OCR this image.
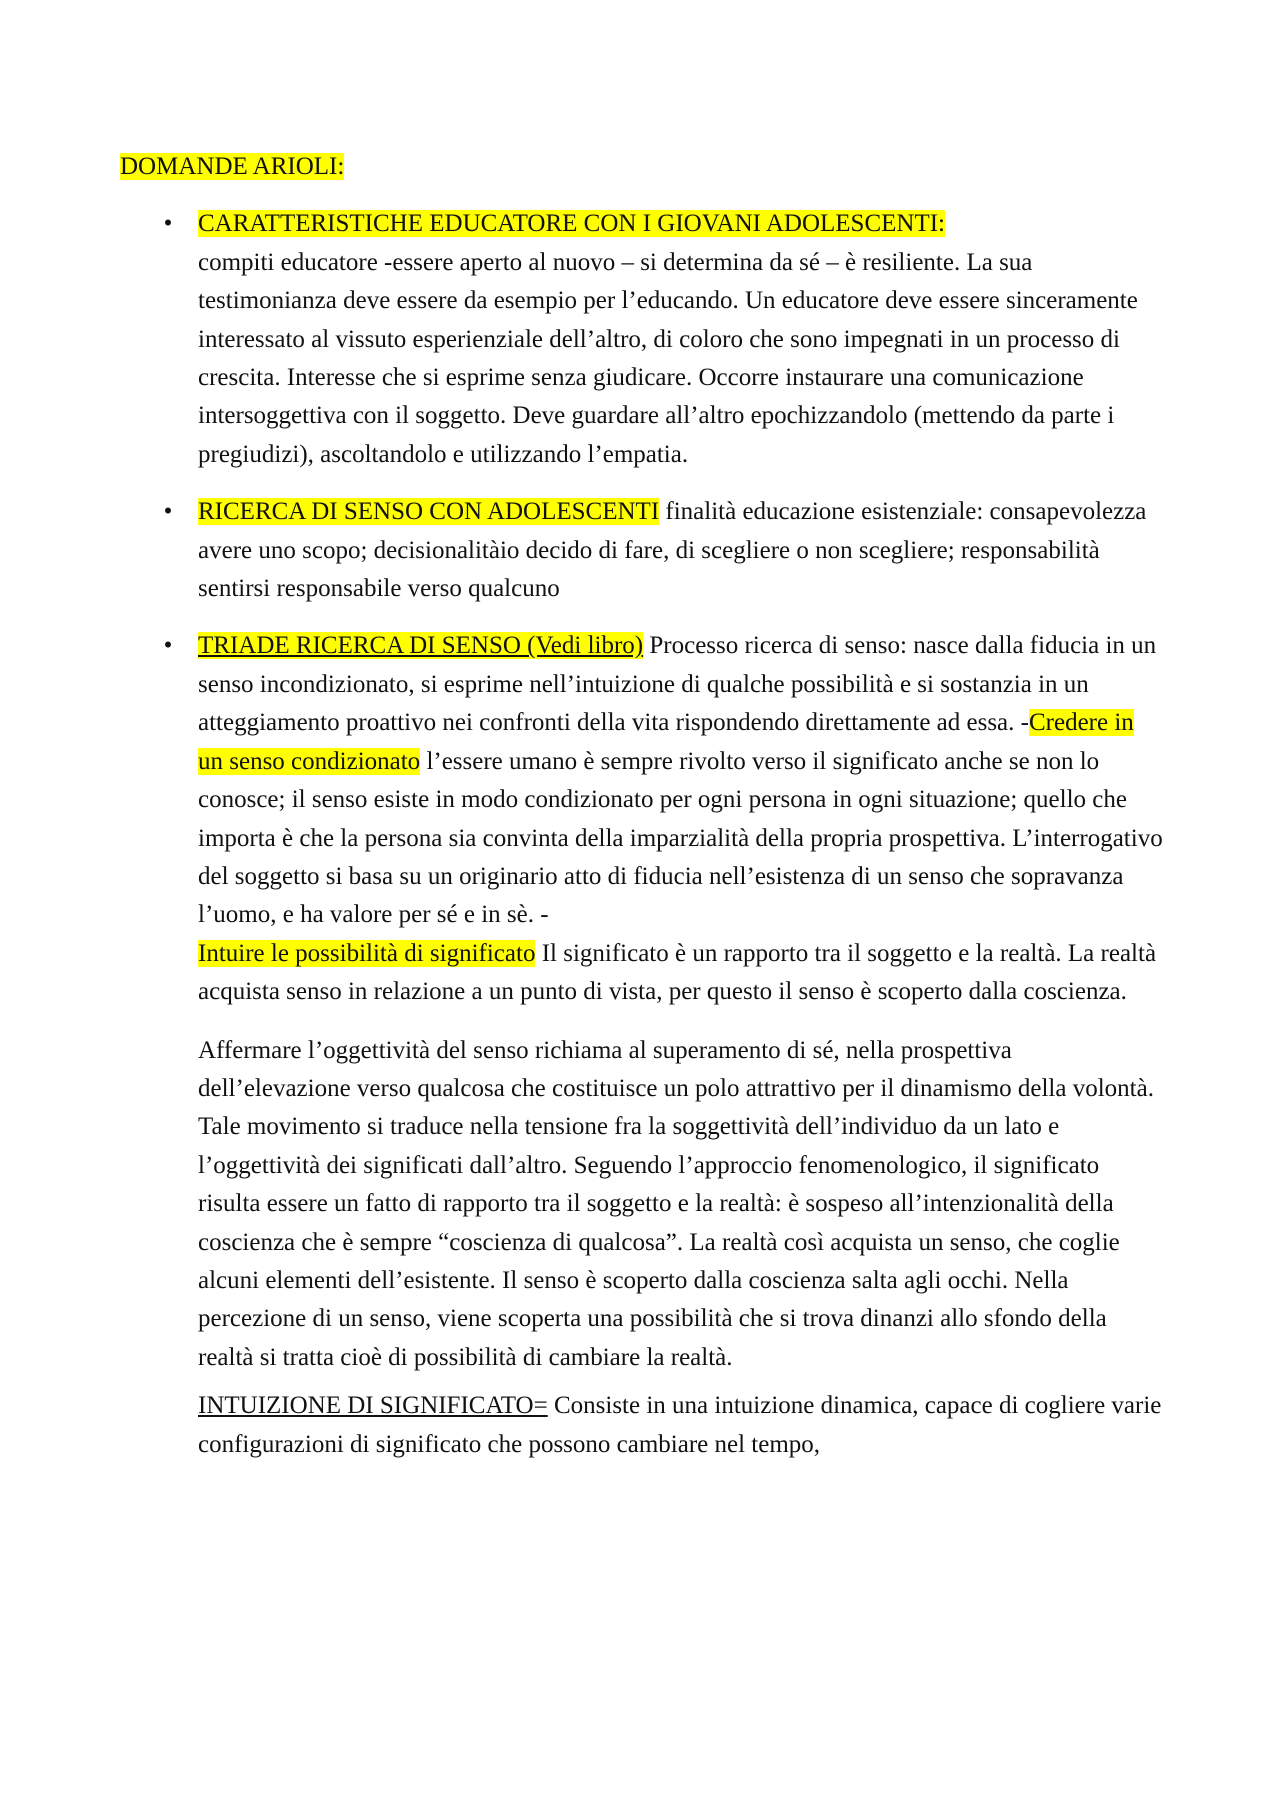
DOMANDE ARIOLI:

• CARATTERISTICHE EDUCATORE CON I GIOVANI ADOLESCENTI:
compiti educatore -essere aperto al nuovo – si determina da sé – è resiliente. La sua testimonianza deve essere da esempio per l’educando. Un educatore deve essere sinceramente interessato al vissuto esperienziale dell’altro, di coloro che sono impegnati in un processo di crescita. Interesse che si esprime senza giudicare. Occorre instaurare una comunicazione intersoggettiva con il soggetto. Deve guardare all’altro epochizzandolo (mettendo da parte i pregiudizi), ascoltandolo e utilizzando l’empatia.

• RICERCA DI SENSO CON ADOLESCENTI finalità educazione esistenziale: consapevolezza avere uno scopo; decisionalitàio decido di fare, di scegliere o non scegliere; responsabilità sentirsi responsabile verso qualcuno

• TRIADE RICERCA DI SENSO (Vedi libro) Processo ricerca di senso: nasce dalla fiducia in un senso incondizionato, si esprime nell’intuizione di qualche possibilità e si sostanzia in un atteggiamento proattivo nei confronti della vita rispondendo direttamente ad essa. -Credere in un senso condizionato l’essere umano è sempre rivolto verso il significato anche se non lo conosce; il senso esiste in modo condizionato per ogni persona in ogni situazione; quello che importa è che la persona sia convinta della imparzialità della propria prospettiva. L’interrogativo del soggetto si basa su un originario atto di fiducia nell’esistenza di un senso che sopravanza l’uomo, e ha valore per sé e in sè. -
Intuire le possibilità di significato Il significato è un rapporto tra il soggetto e la realtà. La realtà acquista senso in relazione a un punto di vista, per questo il senso è scoperto dalla coscienza.

Affermare l’oggettività del senso richiama al superamento di sé, nella prospettiva dell’elevazione verso qualcosa che costituisce un polo attrattivo per il dinamismo della volontà. Tale movimento si traduce nella tensione fra la soggettività dell’individuo da un lato e l’oggettività dei significati dall’altro. Seguendo l’approccio fenomenologico, il significato risulta essere un fatto di rapporto tra il soggetto e la realtà: è sospeso all’intenzionalità della coscienza che è sempre “coscienza di qualcosa”. La realtà così acquista un senso, che coglie alcuni elementi dell’esistente. Il senso è scoperto dalla coscienza salta agli occhi. Nella percezione di un senso, viene scoperta una possibilità che si trova dinanzi allo sfondo della realtà si tratta cioè di possibilità di cambiare la realtà.

INTUIZIONE DI SIGNIFICATO= Consiste in una intuizione dinamica, capace di cogliere varie configurazioni di significato che possono cambiare nel tempo,
